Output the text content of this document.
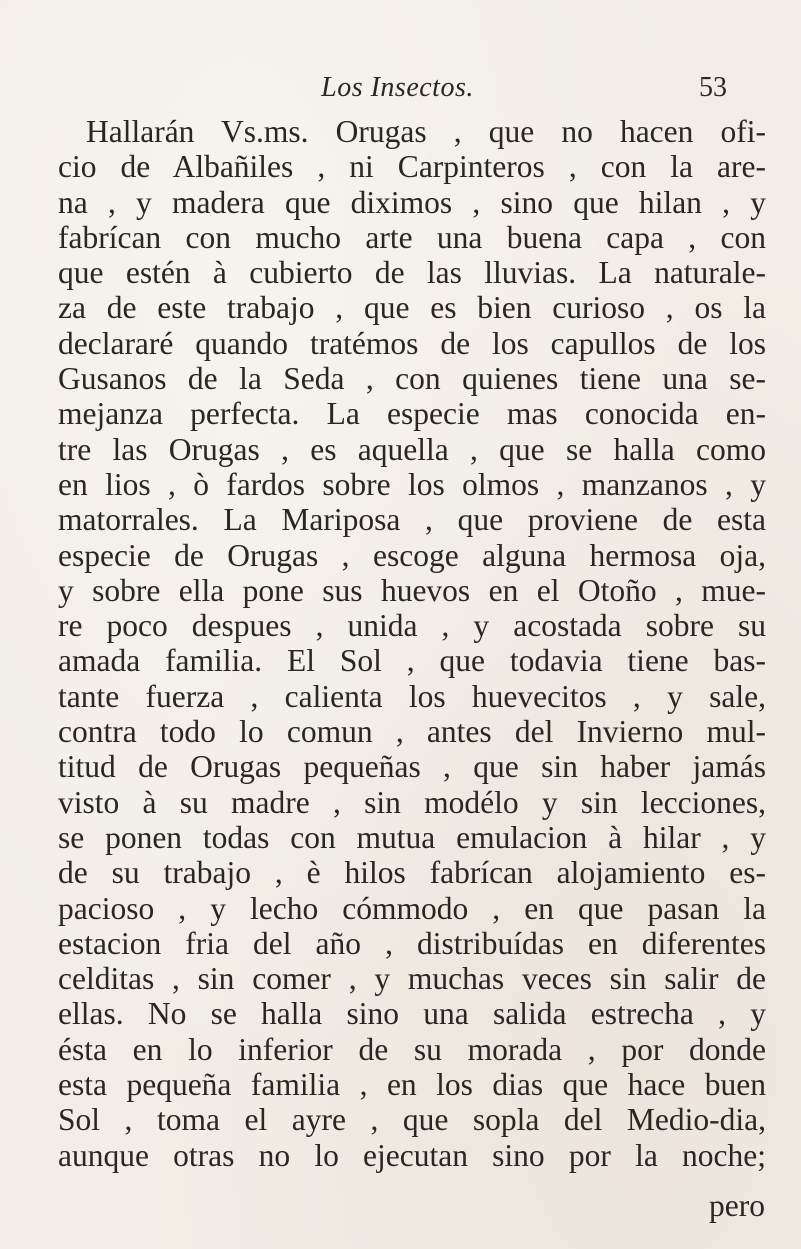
Los Insectos.	53
Hallarán Vs.ms. Orugas , que no hacen ofi-
cio de Albañiles , ni Carpinteros , con la are-
na , y madera que diximos , sino que hilan , y
fabrícan con mucho arte una buena capa , con
que estén à cubierto de las lluvias. La naturale-
za de este trabajo , que es bien curioso , os la
declararé quando tratémos de los capullos de los
Gusanos de la Seda , con quienes tiene una se-
mejanza perfecta. La especie mas conocida en-
tre las Orugas , es aquella , que se halla como
en lios , ò fardos sobre los olmos , manzanos , y
matorrales. La Mariposa , que proviene de esta
especie de Orugas , escoge alguna hermosa oja,
y sobre ella pone sus huevos en el Otoño , mue-
re poco despues , unida , y acostada sobre su
amada familia. El Sol , que todavia tiene bas-
tante fuerza , calienta los huevecitos , y sale,
contra todo lo comun , antes del Invierno mul-
titud de Orugas pequeñas , que sin haber jamás
visto à su madre , sin modélo y sin lecciones,
se ponen todas con mutua emulacion à hilar , y
de su trabajo , è hilos fabrícan alojamiento es-
pacioso , y lecho cómmodo , en que pasan la
estacion fria del año , distribuídas en diferentes
celditas , sin comer , y muchas veces sin salir de
ellas. No se halla sino una salida estrecha , y
ésta en lo inferior de su morada , por donde
esta pequeña familia , en los dias que hace buen
Sol , toma el ayre , que sopla del Medio-dia,
aunque otras no lo ejecutan sino por la noche;
pero
